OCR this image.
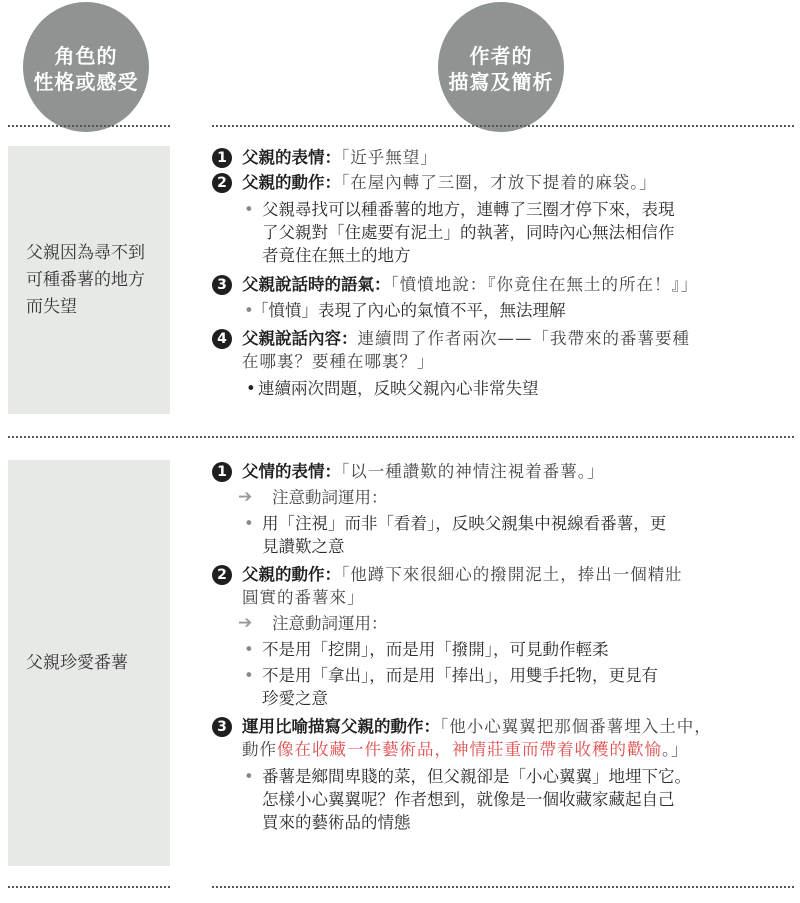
角色的
性格或感受
作者的
描寫及簡析
父親因為尋不到可種番薯的地方而失望
1 父親的表情：「近乎無望」
2 父親的動作：「在屋內轉了三圈，才放下提着的麻袋。」
• 父親尋找可以種番薯的地方，連轉了三圈才停下來，表現
了父親對「住處要有泥土」的執著，同時內心無法相信作
者竟住在無土的地方
3 父親說話時的語氣：「憤憤地說：『你竟住在無土的所在！』」
•
「憤憤」表現了內心的氣憤不平，無法理解
4 父親說話內容：連續問了作者兩次——「我帶來的番薯要種
在哪裏？要種在哪裏？」
• 連續兩次問題，反映父親內心非常失望
父親珍愛番薯
1 父情的表情：「以一種讚歎的神情注視着番薯。」
➔ 注意動詞運用：
• 用「注視」而非「看着」，反映父親集中視線看番薯，更
見讚歎之意
2 父親的動作：「他蹲下來很細心的撥開泥土，捧出一個精壯
圓實的番薯來」
➔ 注意動詞運用：
• 不是用「挖開」，而是用「撥開」，可見動作輕柔
• 不是用「拿出」，而是用「捧出」，用雙手托物，更見有
珍愛之意
3 運用比喻描寫父親的動作：「他小心翼翼把那個番薯埋入土中，
動作像在收藏一件藝術品，神情莊重而帶着收穫的歡愉。」
• 番薯是鄉間卑賤的菜，但父親卻是「小心翼翼」地埋下它。
怎樣小心翼翼呢？作者想到，就像是一個收藏家藏起自己
買來的藝術品的情態
